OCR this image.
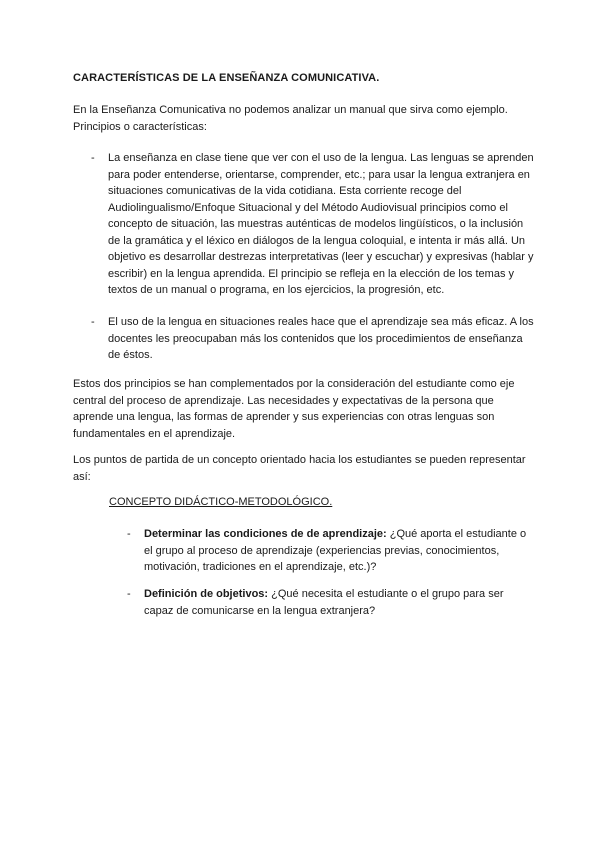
CARACTERÍSTICAS DE LA ENSEÑANZA COMUNICATIVA.

En la Enseñanza Comunicativa no podemos analizar un manual que sirva como ejemplo. Principios o características:

- La enseñanza en clase tiene que ver con el uso de la lengua. Las lenguas se aprenden para poder entenderse, orientarse, comprender, etc.; para usar la lengua extranjera en situaciones comunicativas de la vida cotidiana. Esta corriente recoge del Audiolingualismo/Enfoque Situacional y del Método Audiovisual principios como el concepto de situación, las muestras auténticas de modelos lingüísticos, o la inclusión de la gramática y el léxico en diálogos de la lengua coloquial, e intenta ir más allá. Un objetivo es desarrollar destrezas interpretativas (leer y escuchar) y expresivas (hablar y escribir) en la lengua aprendida. El principio se refleja en la elección de los temas y textos de un manual o programa, en los ejercicios, la progresión, etc.

- El uso de la lengua en situaciones reales hace que el aprendizaje sea más eficaz. A los docentes les preocupaban más los contenidos que los procedimientos de enseñanza de éstos.

Estos dos principios se han complementados por la consideración del estudiante como eje central del proceso de aprendizaje. Las necesidades y expectativas de la persona que aprende una lengua, las formas de aprender y sus experiencias con otras lenguas son fundamentales en el aprendizaje.

Los puntos de partida de un concepto orientado hacia los estudiantes se pueden representar así:

CONCEPTO DIDÁCTICO-METODOLÓGICO.

- Determinar las condiciones de de aprendizaje: ¿Qué aporta el estudiante o el grupo al proceso de aprendizaje (experiencias previas, conocimientos, motivación, tradiciones en el aprendizaje, etc.)?

- Definición de objetivos: ¿Qué necesita el estudiante o el grupo para ser capaz de comunicarse en la lengua extranjera?
